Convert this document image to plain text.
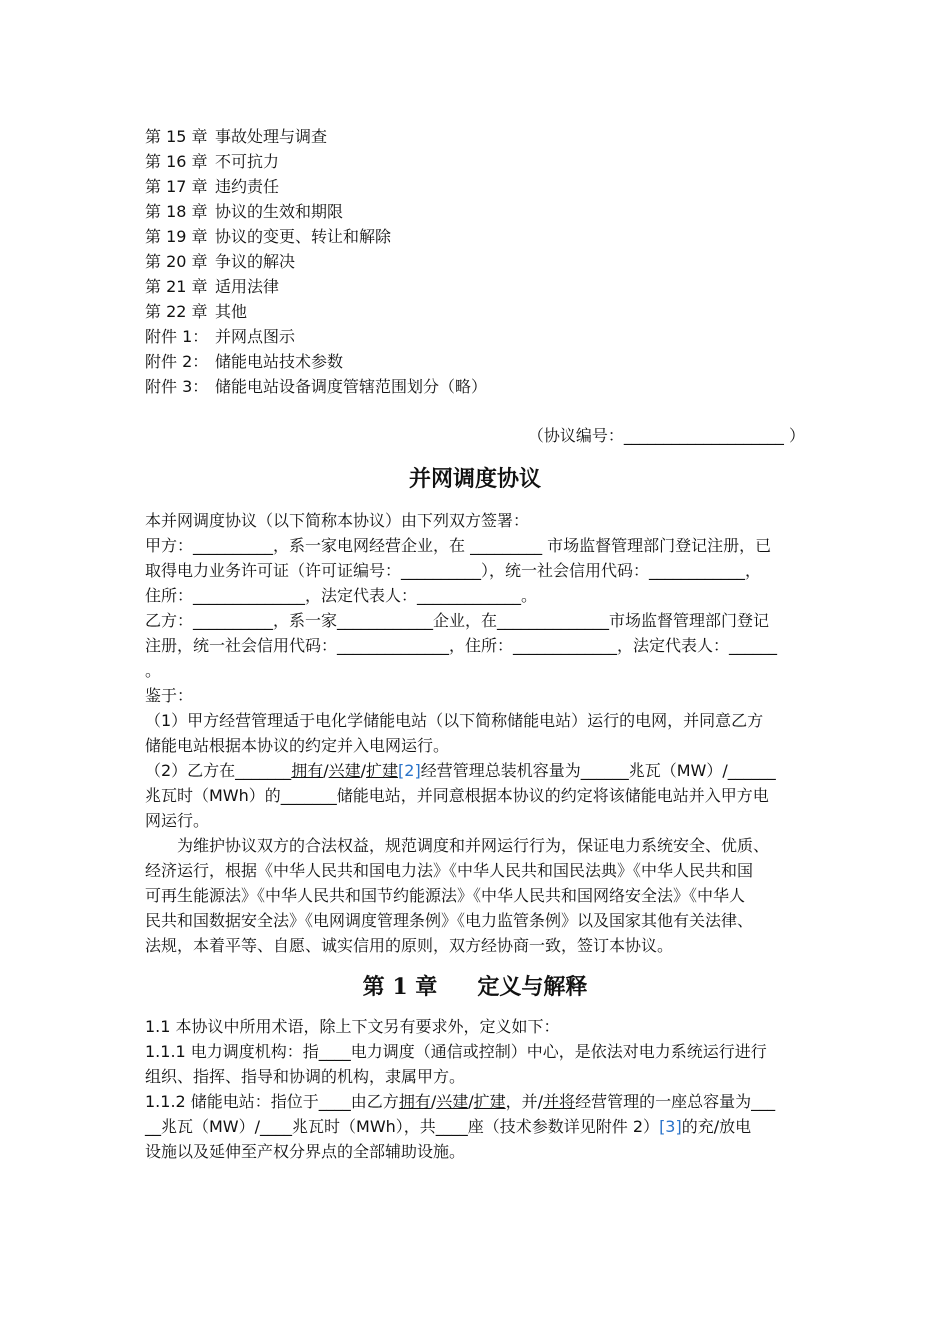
第 15 章 事故处理与调查
第 16 章 不可抗力
第 17 章 违约责任
第 18 章 协议的生效和期限
第 19 章 协议的变更、转让和解除
第 20 章 争议的解决
第 21 章 适用法律
第 22 章 其他
附件 1： 并网点图示
附件 2： 储能电站技术参数
附件 3： 储能电站设备调度管辖范围划分（略）
（协议编号：____________________ ）
并网调度协议
本并网调度协议（以下简称本协议）由下列双方签署：
甲方：__________，系一家电网经营企业，在 _________ 市场监督管理部门登记注册，已
取得电力业务许可证（许可证编号：__________），统一社会信用代码：____________，
住所：______________，法定代表人：_____________。
乙方：__________，系一家____________企业，在______________市场监督管理部门登记
注册，统一社会信用代码：______________，住所：_____________，法定代表人：______
。
鉴于：
（1）甲方经营管理适于电化学储能电站（以下简称储能电站）运行的电网，并同意乙方
储能电站根据本协议的约定并入电网运行。
（2）乙方在_______拥有/兴建/扩建[2]经营管理总装机容量为______兆瓦（MW）/______
兆瓦时（MWh）的_______储能电站，并同意根据本协议的约定将该储能电站并入甲方电
网运行。
为维护协议双方的合法权益，规范调度和并网运行行为，保证电力系统安全、优质、
经济运行，根据《中华人民共和国电力法》《中华人民共和国民法典》《中华人民共和国
可再生能源法》《中华人民共和国节约能源法》《中华人民共和国网络安全法》《中华人
民共和国数据安全法》《电网调度管理条例》《电力监管条例》以及国家其他有关法律、
法规，本着平等、自愿、诚实信用的原则，双方经协商一致，签订本协议。
第 1 章 定义与解释
1.1 本协议中所用术语，除上下文另有要求外，定义如下：
1.1.1 电力调度机构：指____电力调度（通信或控制）中心，是依法对电力系统运行进行
组织、指挥、指导和协调的机构，隶属甲方。
1.1.2 储能电站：指位于____由乙方拥有/兴建/扩建，并/并将经营管理的一座总容量为___
__兆瓦（MW）/____兆瓦时（MWh），共____座（技术参数详见附件 2）[3]的充/放电
设施以及延伸至产权分界点的全部辅助设施。
